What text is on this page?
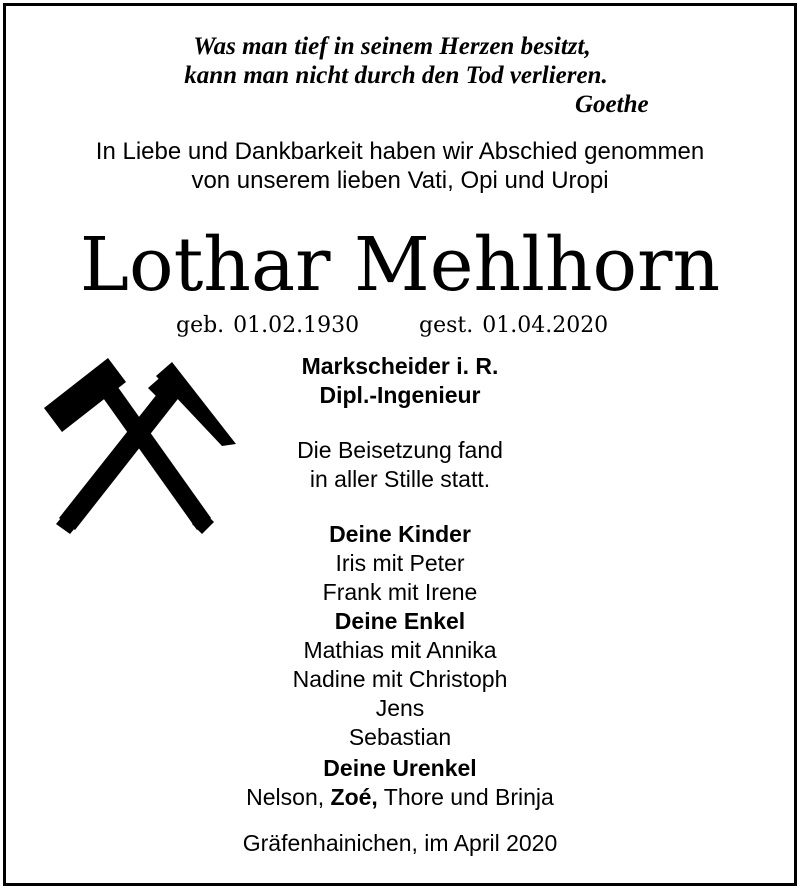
Was man tief in seinem Herzen besitzt,
kann man nicht durch den Tod verlieren.
Goethe
In Liebe und Dankbarkeit haben wir Abschied genommen
von unserem lieben Vati, Opi und Uropi
Lothar Mehlhorn
geb. 01.02.1930	gest. 01.04.2020
Markscheider i. R.
Dipl.-Ingenieur
Die Beisetzung fand
in aller Stille statt.
Deine Kinder
Iris mit Peter
Frank mit Irene
Deine Enkel
Mathias mit Annika
Nadine mit Christoph
Jens
Sebastian
Deine Urenkel
Nelson, Zoé, Thore und Brinja
Gräfenhainichen, im April 2020
